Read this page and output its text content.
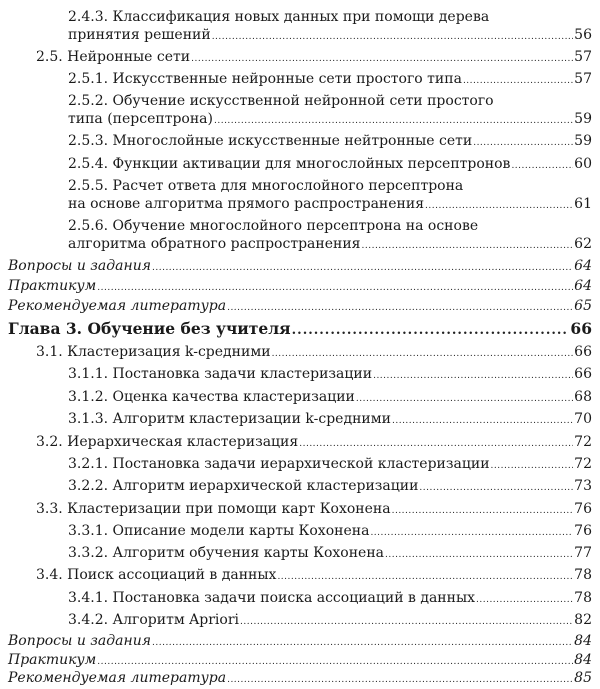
2.4.3. Классификация новых данных при помощи дерева
принятия решений .....	56
2.5. Нейронные сети .....	57
2.5.1. Искусственные нейронные сети простого типа .....	57
2.5.2. Обучение искусственной нейронной сети простого
типа (персептрона) .....	59
2.5.3. Многослойные искусственные нейтронные сети .....	59
2.5.4. Функции активации для многослойных персептронов .....	60
2.5.5. Расчет ответа для многослойного персептрона
на основе алгоритма прямого распространения .....	61
2.5.6. Обучение многослойного персептрона на основе
алгоритма обратного распространения .....	62
Вопросы и задания .....	64
Практикум .....	64
Рекомендуемая литература .....	65
Глава 3. Обучение без учителя .....	66
3.1. Кластеризация k-средними .....	66
3.1.1. Постановка задачи кластеризации .....	66
3.1.2. Оценка качества кластеризации .....	68
3.1.3. Алгоритм кластеризации k-средними .....	70
3.2. Иерархическая кластеризация .....	72
3.2.1. Постановка задачи иерархической кластеризации .....	72
3.2.2. Алгоритм иерархической кластеризации .....	73
3.3. Кластеризации при помощи карт Кохонена .....	76
3.3.1. Описание модели карты Кохонена .....	76
3.3.2. Алгоритм обучения карты Кохонена .....	77
3.4. Поиск ассоциаций в данных .....	78
3.4.1. Постановка задачи поиска ассоциаций в данных .....	78
3.4.2. Алгоритм Apriori .....	82
Вопросы и задания .....	84
Практикум .....	84
Рекомендуемая литература .....	85
